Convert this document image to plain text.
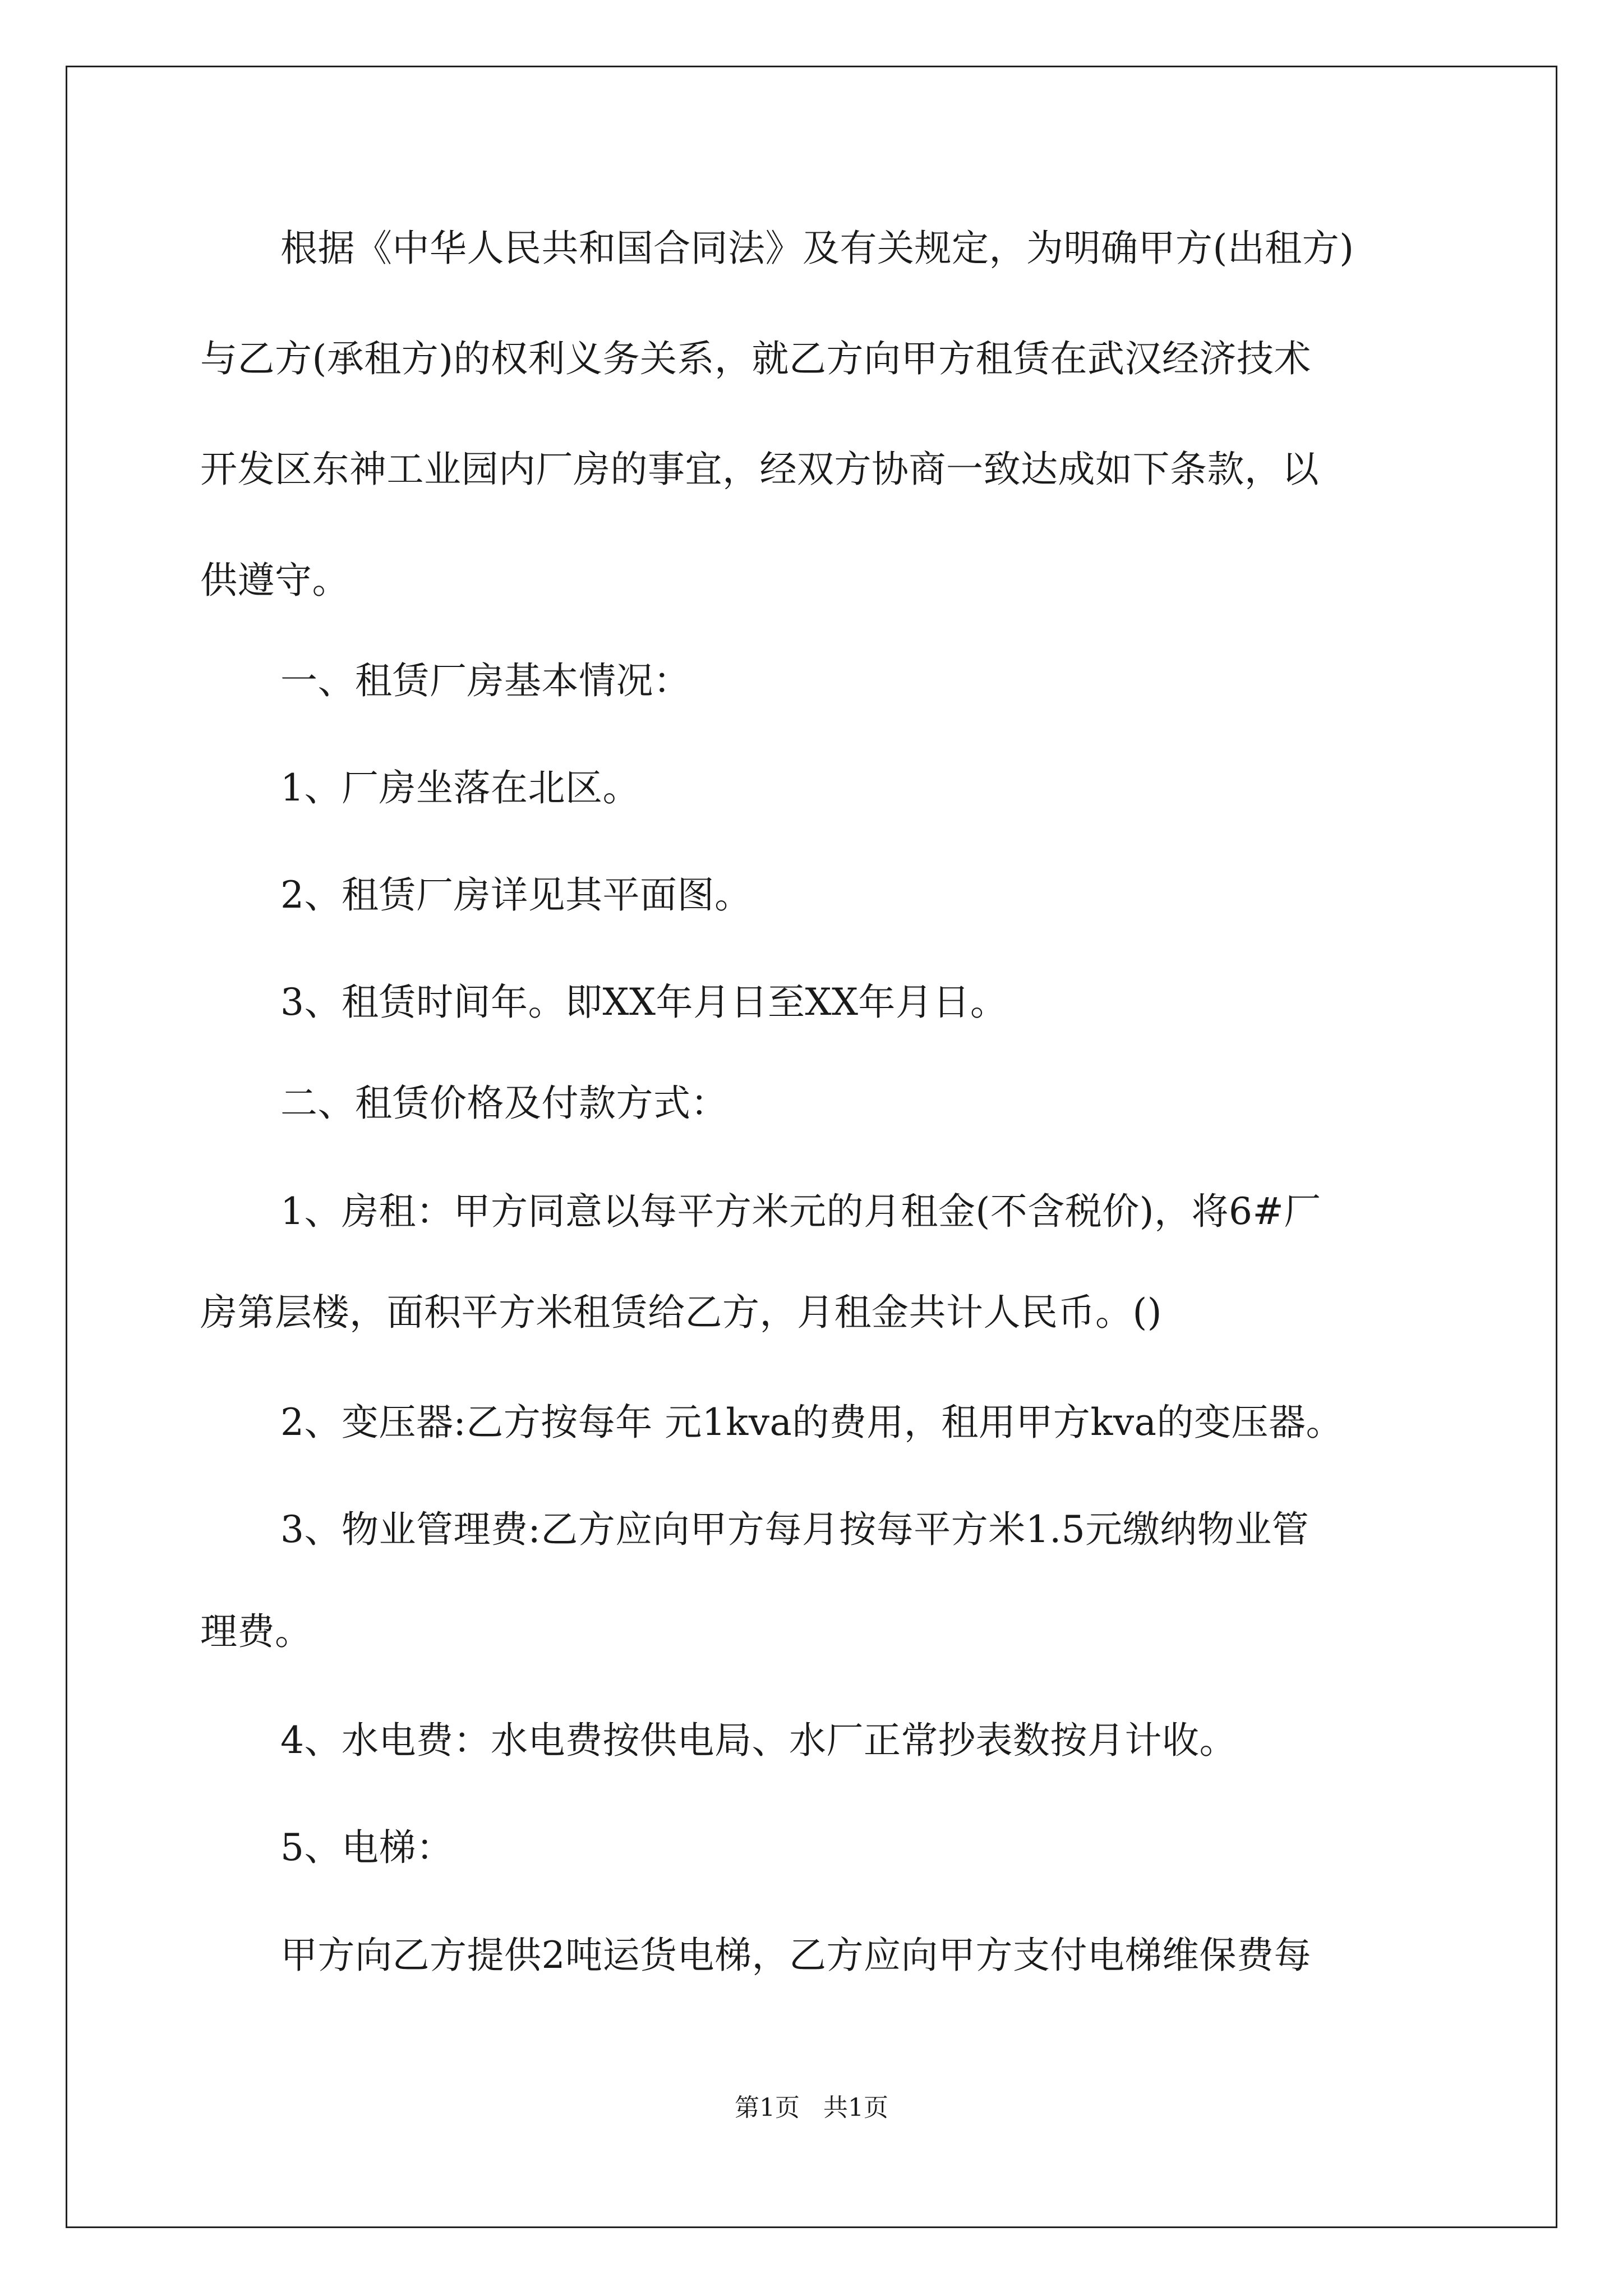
根据《中华人民共和国合同法》及有关规定，为明确甲方(出租方)
与乙方(承租方)的权利义务关系，就乙方向甲方租赁在武汉经济技术
开发区东神工业园内厂房的事宜，经双方协商一致达成如下条款，以
供遵守。
一、租赁厂房基本情况：
1、厂房坐落在北区。
2、租赁厂房详见其平面图。
3、租赁时间年。即XX年月日至XX年月日。
二、租赁价格及付款方式：
1、房租：甲方同意以每平方米元的月租金(不含税价)，将6#厂
房第层楼，面积平方米租赁给乙方，月租金共计人民币。()
2、变压器:乙方按每年 元1kva的费用，租用甲方kva的变压器。
3、物业管理费:乙方应向甲方每月按每平方米1.5元缴纳物业管
理费。
4、水电费：水电费按供电局、水厂正常抄表数按月计收。
5、电梯：
甲方向乙方提供2吨运货电梯，乙方应向甲方支付电梯维保费每
第1页   共1页
